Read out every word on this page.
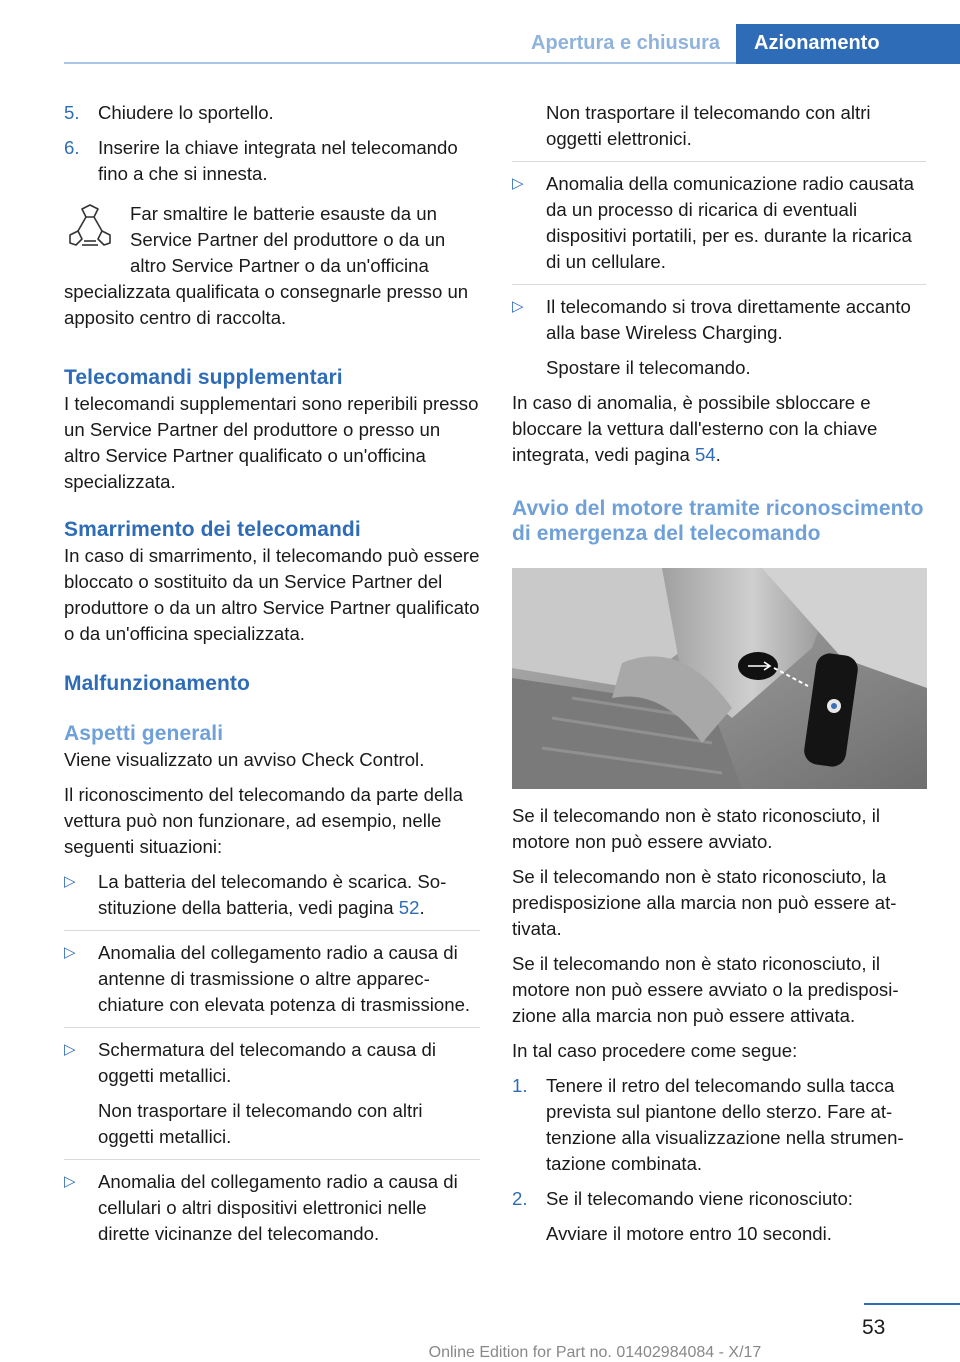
Apertura e chiusura	Azionamento
5. Chiudere lo sportello.
6. Inserire la chiave integrata nel telecomando fino a che si innesta.

Far smaltire le batterie esauste da un Service Partner del produttore o da un altro Service Partner o da un'officina

specializzata qualificata o consegnarle presso un apposito centro di raccolta.

Telecomandi supplementari

I telecomandi supplementari sono reperibili presso un Service Partner del produttore o presso un altro Service Partner qualificato o un'officina specializzata.

Smarrimento dei telecomandi

In caso di smarrimento, il telecomando può essere bloccato o sostituito da un Service Partner del produttore o da un altro Service Partner qualificato o da un'officina specializzata.

Malfunzionamento
Aspetti generali

Viene visualizzato un avviso Check Control.

Il riconoscimento del telecomando da parte della vettura può non funzionare, ad esempio, nelle seguenti situazioni:

▷ La batteria del telecomando è scarica. Sostituzione della batteria, vedi pagina 52.

▷ Anomalia del collegamento radio a causa di antenne di trasmissione o altre apparecchiature con elevata potenza di trasmissione.

▷ Schermatura del telecomando a causa di oggetti metallici.

Non trasportare il telecomando con altri oggetti metallici.

▷ Anomalia del collegamento radio a causa di cellulari o altri dispositivi elettronici nelle dirette vicinanze del telecomando.

Non trasportare il telecomando con altri oggetti elettronici.

▷ Anomalia della comunicazione radio causata da un processo di ricarica di eventuali dispositivi portatili, per es. durante la ricarica di un cellulare.

▷ Il telecomando si trova direttamente accanto alla base Wireless Charging.

Spostare il telecomando.

In caso di anomalia, è possibile sbloccare e bloccare la vettura dall'esterno con la chiave integrata, vedi pagina 54.

Avvio del motore tramite riconoscimento di emergenza del telecomando

Se il telecomando non è stato riconosciuto, il motore non può essere avviato.

Se il telecomando non è stato riconosciuto, la predisposizione alla marcia non può essere attivata.

Se il telecomando non è stato riconosciuto, il motore non può essere avviato o la predisposizione alla marcia non può essere attivata.

In tal caso procedere come segue:

1. Tenere il retro del telecomando sulla tacca prevista sul piantone dello sterzo. Fare attenzione alla visualizzazione nella strumentazione combinata.
2. Se il telecomando viene riconosciuto:

Avviare il motore entro 10 secondi.

53
Online Edition for Part no. 01402984084 - X/17
